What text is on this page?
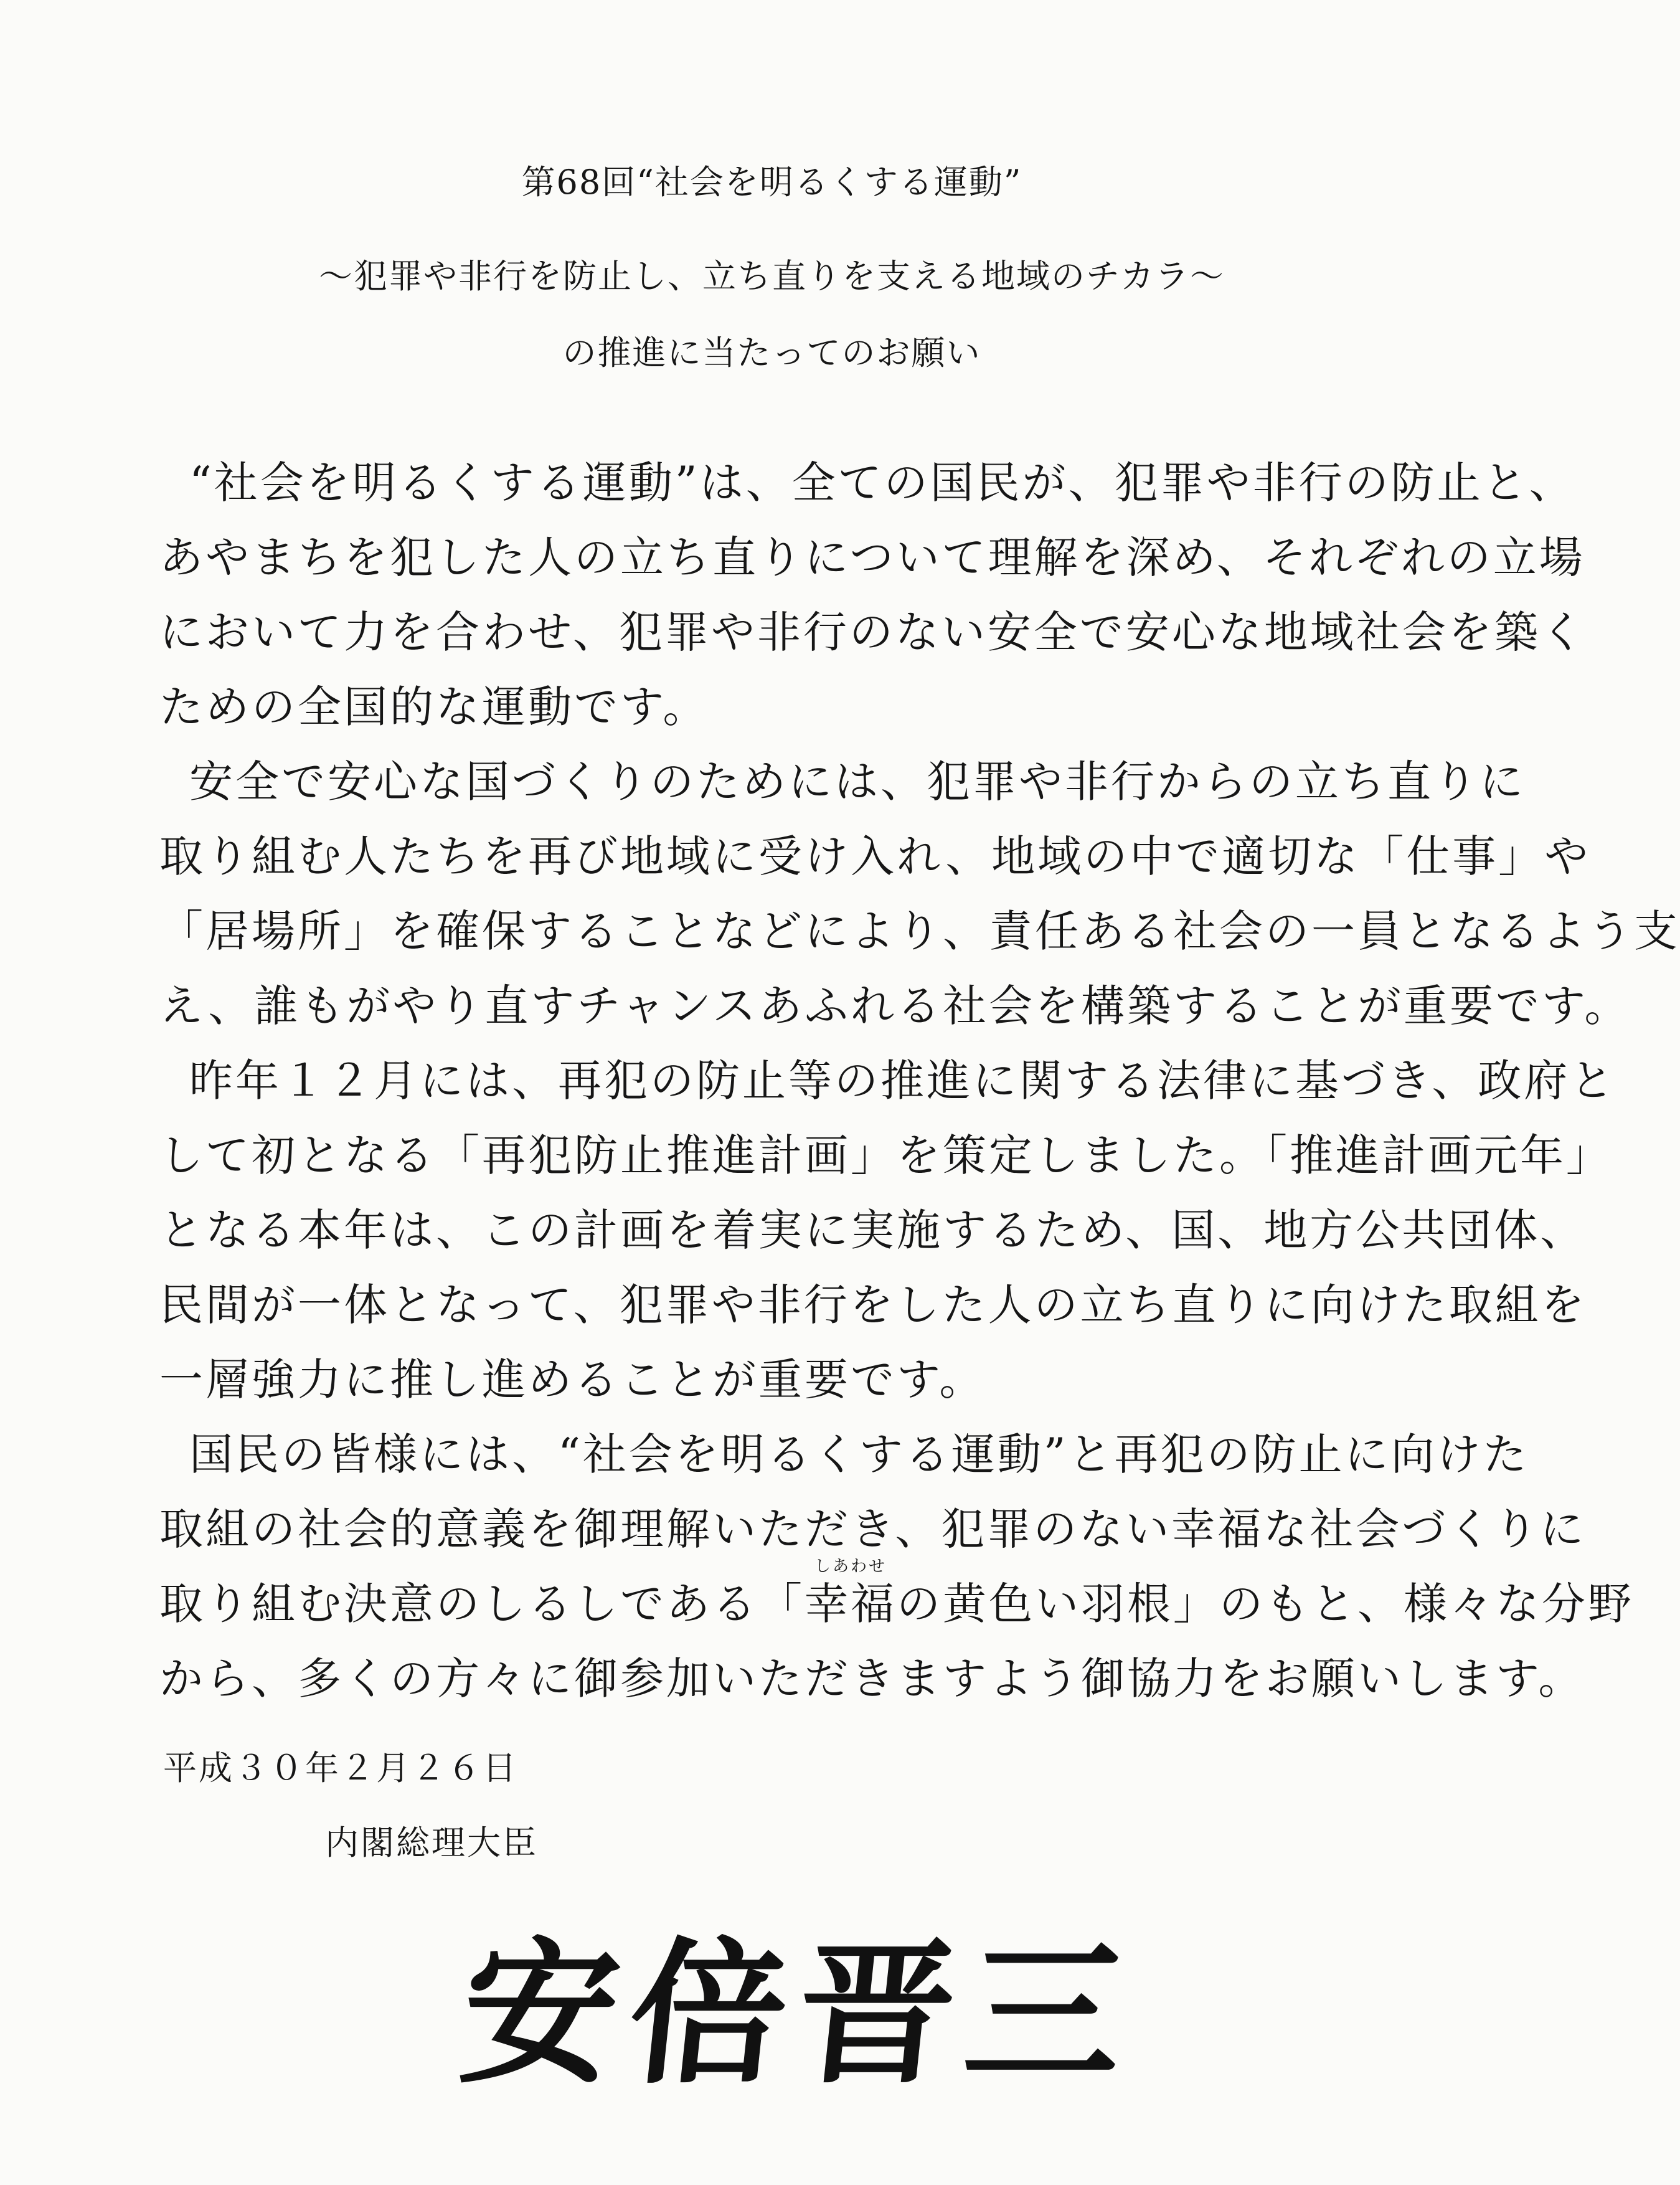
第68回“社会を明るくする運動”

～犯罪や非行を防止し、立ち直りを支える地域のチカラ～

の推進に当たってのお願い

“社会を明るくする運動”は、全ての国民が、犯罪や非行の防止と、

あやまちを犯した人の立ち直りについて理解を深め、それぞれの立場

において力を合わせ、犯罪や非行のない安全で安心な地域社会を築く

ための全国的な運動です。

安全で安心な国づくりのためには、犯罪や非行からの立ち直りに

取り組む人たちを再び地域に受け入れ、地域の中で適切な「仕事」や

「居場所」を確保することなどにより、責任ある社会の一員となるよう支

え、誰もがやり直すチャンスあふれる社会を構築することが重要です。

昨年１２月には、再犯の防止等の推進に関する法律に基づき、政府と

して初となる「再犯防止推進計画」を策定しました。「推進計画元年」

となる本年は、この計画を着実に実施するため、国、地方公共団体、

民間が一体となって、犯罪や非行をした人の立ち直りに向けた取組を

一層強力に推し進めることが重要です。

国民の皆様には、“社会を明るくする運動”と再犯の防止に向けた

取組の社会的意義を御理解いただき、犯罪のない幸福な社会づくりに

取り組む決意のしるしである「
しあわせ
幸福の黄色い羽根」のもと、様々な分野

から、多くの方々に御参加いただきますよう御協力をお願いします。

平成３０年２月２６日
内閣総理大臣
安倍晋三
